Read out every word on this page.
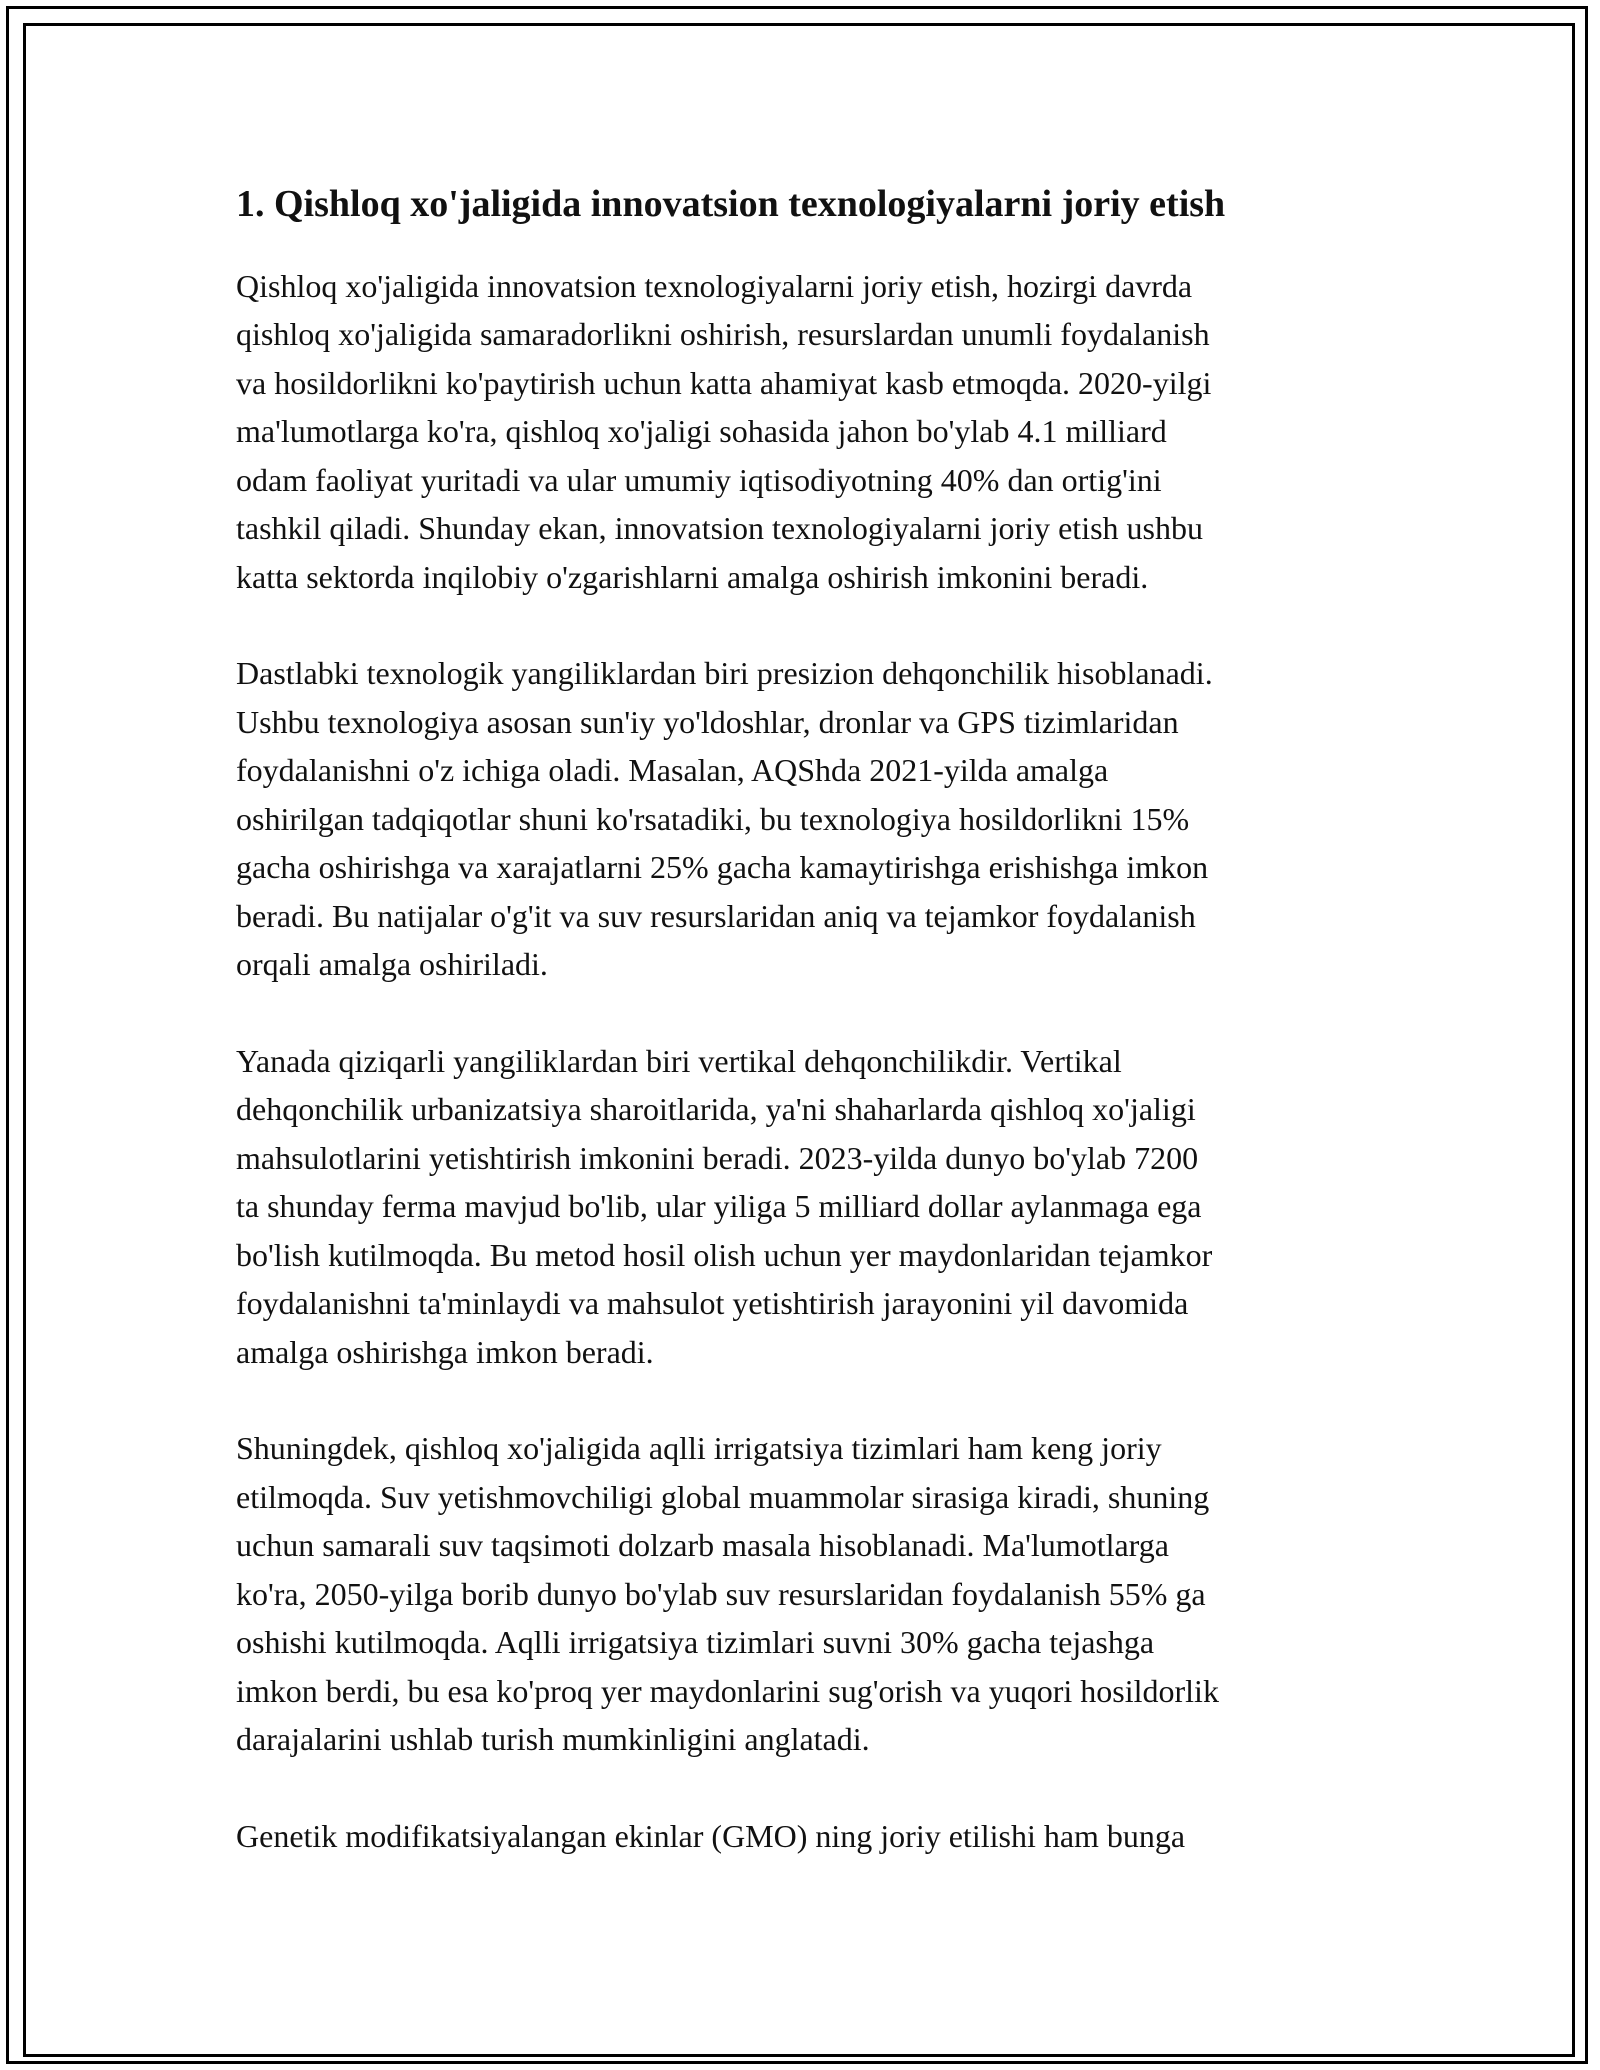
1. Qishloq xo'jaligida innovatsion texnologiyalarni joriy etish

Qishloq xo'jaligida innovatsion texnologiyalarni joriy etish, hozirgi davrda
qishloq xo'jaligida samaradorlikni oshirish, resurslardan unumli foydalanish
va hosildorlikni ko'paytirish uchun katta ahamiyat kasb etmoqda. 2020-yilgi
ma'lumotlarga ko'ra, qishloq xo'jaligi sohasida jahon bo'ylab 4.1 milliard
odam faoliyat yuritadi va ular umumiy iqtisodiyotning 40% dan ortig'ini
tashkil qiladi. Shunday ekan, innovatsion texnologiyalarni joriy etish ushbu
katta sektorda inqilobiy o'zgarishlarni amalga oshirish imkonini beradi.

Dastlabki texnologik yangiliklardan biri presizion dehqonchilik hisoblanadi.
Ushbu texnologiya asosan sun'iy yo'ldoshlar, dronlar va GPS tizimlaridan
foydalanishni o'z ichiga oladi. Masalan, AQShda 2021-yilda amalga
oshirilgan tadqiqotlar shuni ko'rsatadiki, bu texnologiya hosildorlikni 15%
gacha oshirishga va xarajatlarni 25% gacha kamaytirishga erishishga imkon
beradi. Bu natijalar o'g'it va suv resurslaridan aniq va tejamkor foydalanish
orqali amalga oshiriladi.

Yanada qiziqarli yangiliklardan biri vertikal dehqonchilikdir. Vertikal
dehqonchilik urbanizatsiya sharoitlarida, ya'ni shaharlarda qishloq xo'jaligi
mahsulotlarini yetishtirish imkonini beradi. 2023-yilda dunyo bo'ylab 7200
ta shunday ferma mavjud bo'lib, ular yiliga 5 milliard dollar aylanmaga ega
bo'lish kutilmoqda. Bu metod hosil olish uchun yer maydonlaridan tejamkor
foydalanishni ta'minlaydi va mahsulot yetishtirish jarayonini yil davomida
amalga oshirishga imkon beradi.

Shuningdek, qishloq xo'jaligida aqlli irrigatsiya tizimlari ham keng joriy
etilmoqda. Suv yetishmovchiligi global muammolar sirasiga kiradi, shuning
uchun samarali suv taqsimoti dolzarb masala hisoblanadi. Ma'lumotlarga
ko'ra, 2050-yilga borib dunyo bo'ylab suv resurslaridan foydalanish 55% ga
oshishi kutilmoqda. Aqlli irrigatsiya tizimlari suvni 30% gacha tejashga
imkon berdi, bu esa ko'proq yer maydonlarini sug'orish va yuqori hosildorlik
darajalarini ushlab turish mumkinligini anglatadi.

Genetik modifikatsiyalangan ekinlar (GMO) ning joriy etilishi ham bunga
